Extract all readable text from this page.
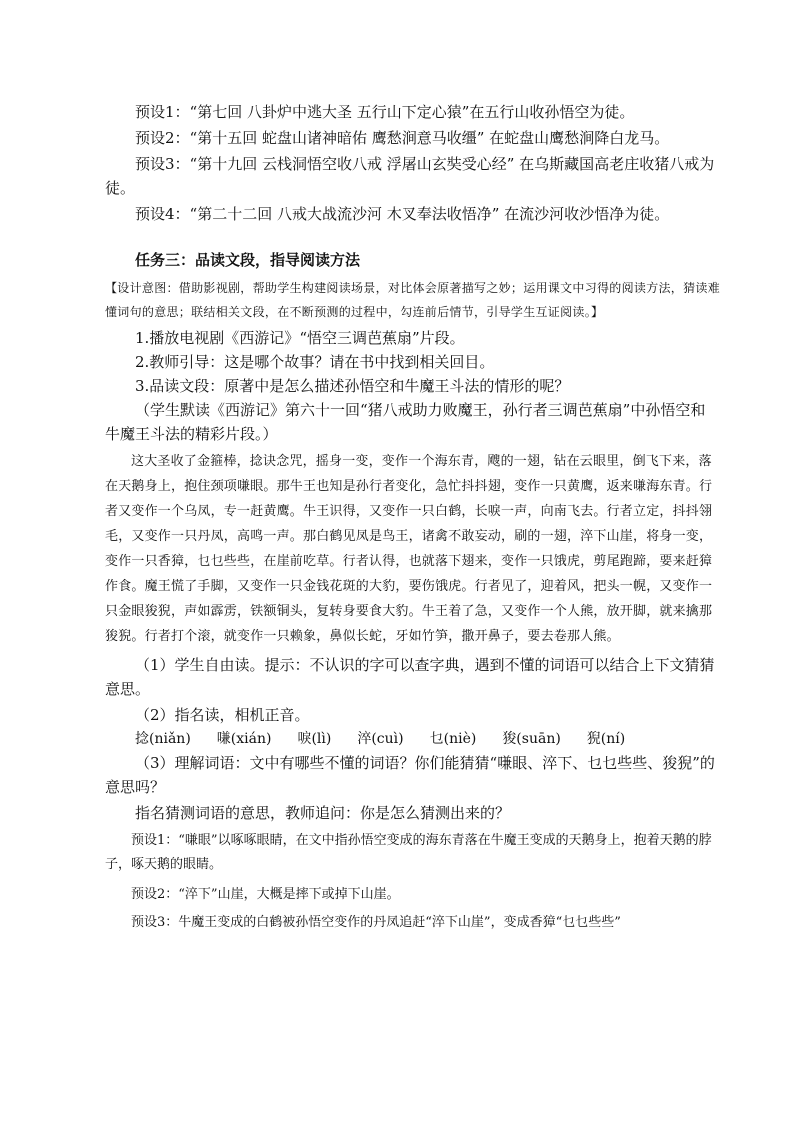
预设1：“第七回 八卦炉中逃大圣 五行山下定心猿”在五行山收孙悟空为徒。

预设2：“第十五回 蛇盘山诸神暗佑 鹰愁涧意马收缰” 在蛇盘山鹰愁涧降白龙马。

预设3：“第十九回 云栈洞悟空收八戒 浮屠山玄奘受心经” 在乌斯藏国高老庄收猪八戒为徒。

预设4：“第二十二回 八戒大战流沙河 木叉奉法收悟净” 在流沙河收沙悟净为徒。

任务三：品读文段，指导阅读方法

【设计意图：借助影视剧，帮助学生构建阅读场景，对比体会原著描写之妙；运用课文中习得的阅读方法，猜读难懂词句的意思；联结相关文段，在不断预测的过程中，勾连前后情节，引导学生互证阅读。】

1.播放电视剧《西游记》“悟空三调芭蕉扇”片段。

2.教师引导：这是哪个故事？请在书中找到相关回目。

3.品读文段：原著中是怎么描述孙悟空和牛魔王斗法的情形的呢？

（学生默读《西游记》第六十一回“猪八戒助力败魔王，孙行者三调芭蕉扇”中孙悟空和牛魔王斗法的精彩片段。）

这大圣收了金箍棒，捻诀念咒，摇身一变，变作一个海东青，飕的一翅，钻在云眼里，倒飞下来，落在天鹅身上，抱住颈项嗛眼。那牛王也知是孙行者变化，急忙抖抖翅，变作一只黄鹰，返来嗛海东青。行者又变作一个乌凤，专一赶黄鹰。牛王识得，又变作一只白鹤，长唳一声，向南飞去。行者立定，抖抖翎毛，又变作一只丹凤，高鸣一声。那白鹤见凤是鸟王，诸禽不敢妄动，刷的一翅，淬下山崖，将身一变，变作一只香獐，乜乜些些，在崖前吃草。行者认得，也就落下翅来，变作一只饿虎，剪尾跑蹄，要来赶獐作食。魔王慌了手脚，又变作一只金钱花斑的大豹，要伤饿虎。行者见了，迎着风，把头一幌，又变作一只金眼狻猊，声如霹雳，铁额铜头，复转身要食大豹。牛王着了急，又变作一个人熊，放开脚，就来擒那狻猊。行者打个滚，就变作一只赖象，鼻似长蛇，牙如竹笋，撒开鼻子，要去卷那人熊。

（1）学生自由读。提示：不认识的字可以查字典，遇到不懂的词语可以结合上下文猜猜意思。

（2）指名读，相机正音。

捻(niǎn) 嗛(xián) 唳(lì) 淬(cuì) 乜(niè) 狻(suān) 猊(ní)

（3）理解词语：文中有哪些不懂的词语？你们能猜猜“嗛眼、淬下、乜乜些些、狻猊”的意思吗？

指名猜测词语的意思，教师追问：你是怎么猜测出来的？

预设1：“嗛眼”以啄啄眼睛，在文中指孙悟空变成的海东青落在牛魔王变成的天鹅身上，抱着天鹅的脖子，啄天鹅的眼睛。

预设2：“淬下”山崖，大概是摔下或掉下山崖。

预设3：牛魔王变成的白鹤被孙悟空变作的丹凤追赶“淬下山崖”，变成香獐“乜乜些些”
